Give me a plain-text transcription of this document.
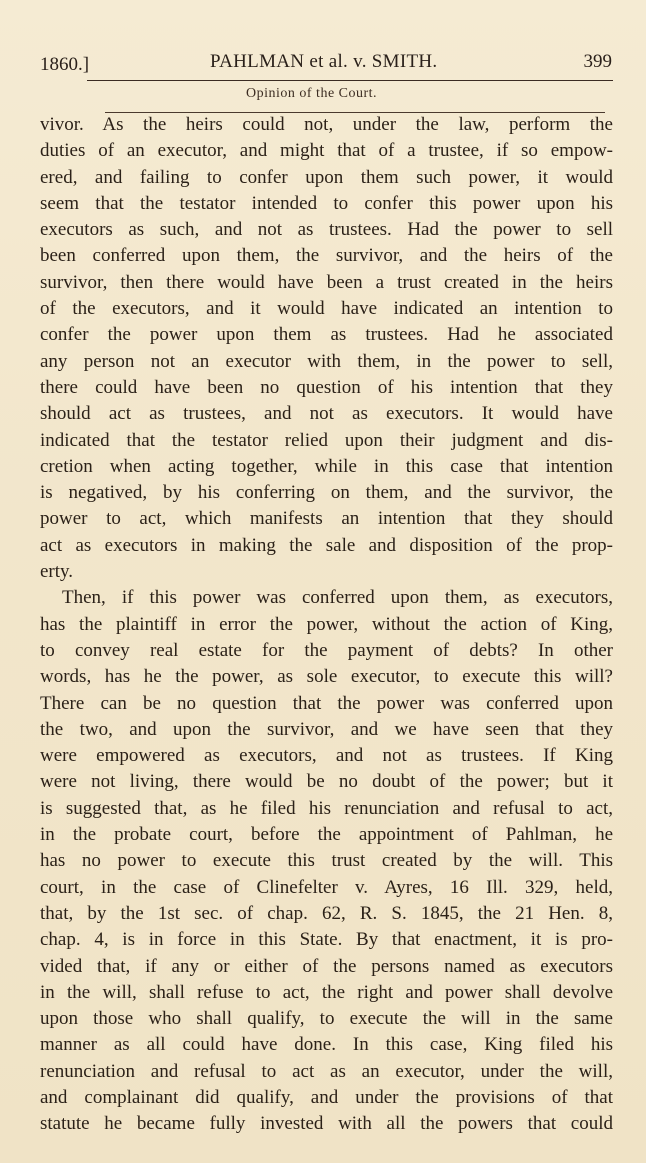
1860.]	PAHLMAN et al. v. SMITH.	399
Opinion of the Court.
vivor. As the heirs could not, under the law, perform the
duties of an executor, and might that of a trustee, if so empow-
ered, and failing to confer upon them such power, it would
seem that the testator intended to confer this power upon his
executors as such, and not as trustees. Had the power to sell
been conferred upon them, the survivor, and the heirs of the
survivor, then there would have been a trust created in the heirs
of the executors, and it would have indicated an intention to
confer the power upon them as trustees. Had he associated
any person not an executor with them, in the power to sell,
there could have been no question of his intention that they
should act as trustees, and not as executors. It would have
indicated that the testator relied upon their judgment and dis-
cretion when acting together, while in this case that intention
is negatived, by his conferring on them, and the survivor, the
power to act, which manifests an intention that they should
act as executors in making the sale and disposition of the prop-
erty.
Then, if this power was conferred upon them, as executors,
has the plaintiff in error the power, without the action of King,
to convey real estate for the payment of debts? In other
words, has he the power, as sole executor, to execute this will?
There can be no question that the power was conferred upon
the two, and upon the survivor, and we have seen that they
were empowered as executors, and not as trustees. If King
were not living, there would be no doubt of the power; but it
is suggested that, as he filed his renunciation and refusal to act,
in the probate court, before the appointment of Pahlman, he
has no power to execute this trust created by the will. This
court, in the case of Clinefelter v. Ayres, 16 Ill. 329, held,
that, by the 1st sec. of chap. 62, R. S. 1845, the 21 Hen. 8,
chap. 4, is in force in this State. By that enactment, it is pro-
vided that, if any or either of the persons named as executors
in the will, shall refuse to act, the right and power shall devolve
upon those who shall qualify, to execute the will in the same
manner as all could have done. In this case, King filed his
renunciation and refusal to act as an executor, under the will,
and complainant did qualify, and under the provisions of that
statute he became fully invested with all the powers that could
